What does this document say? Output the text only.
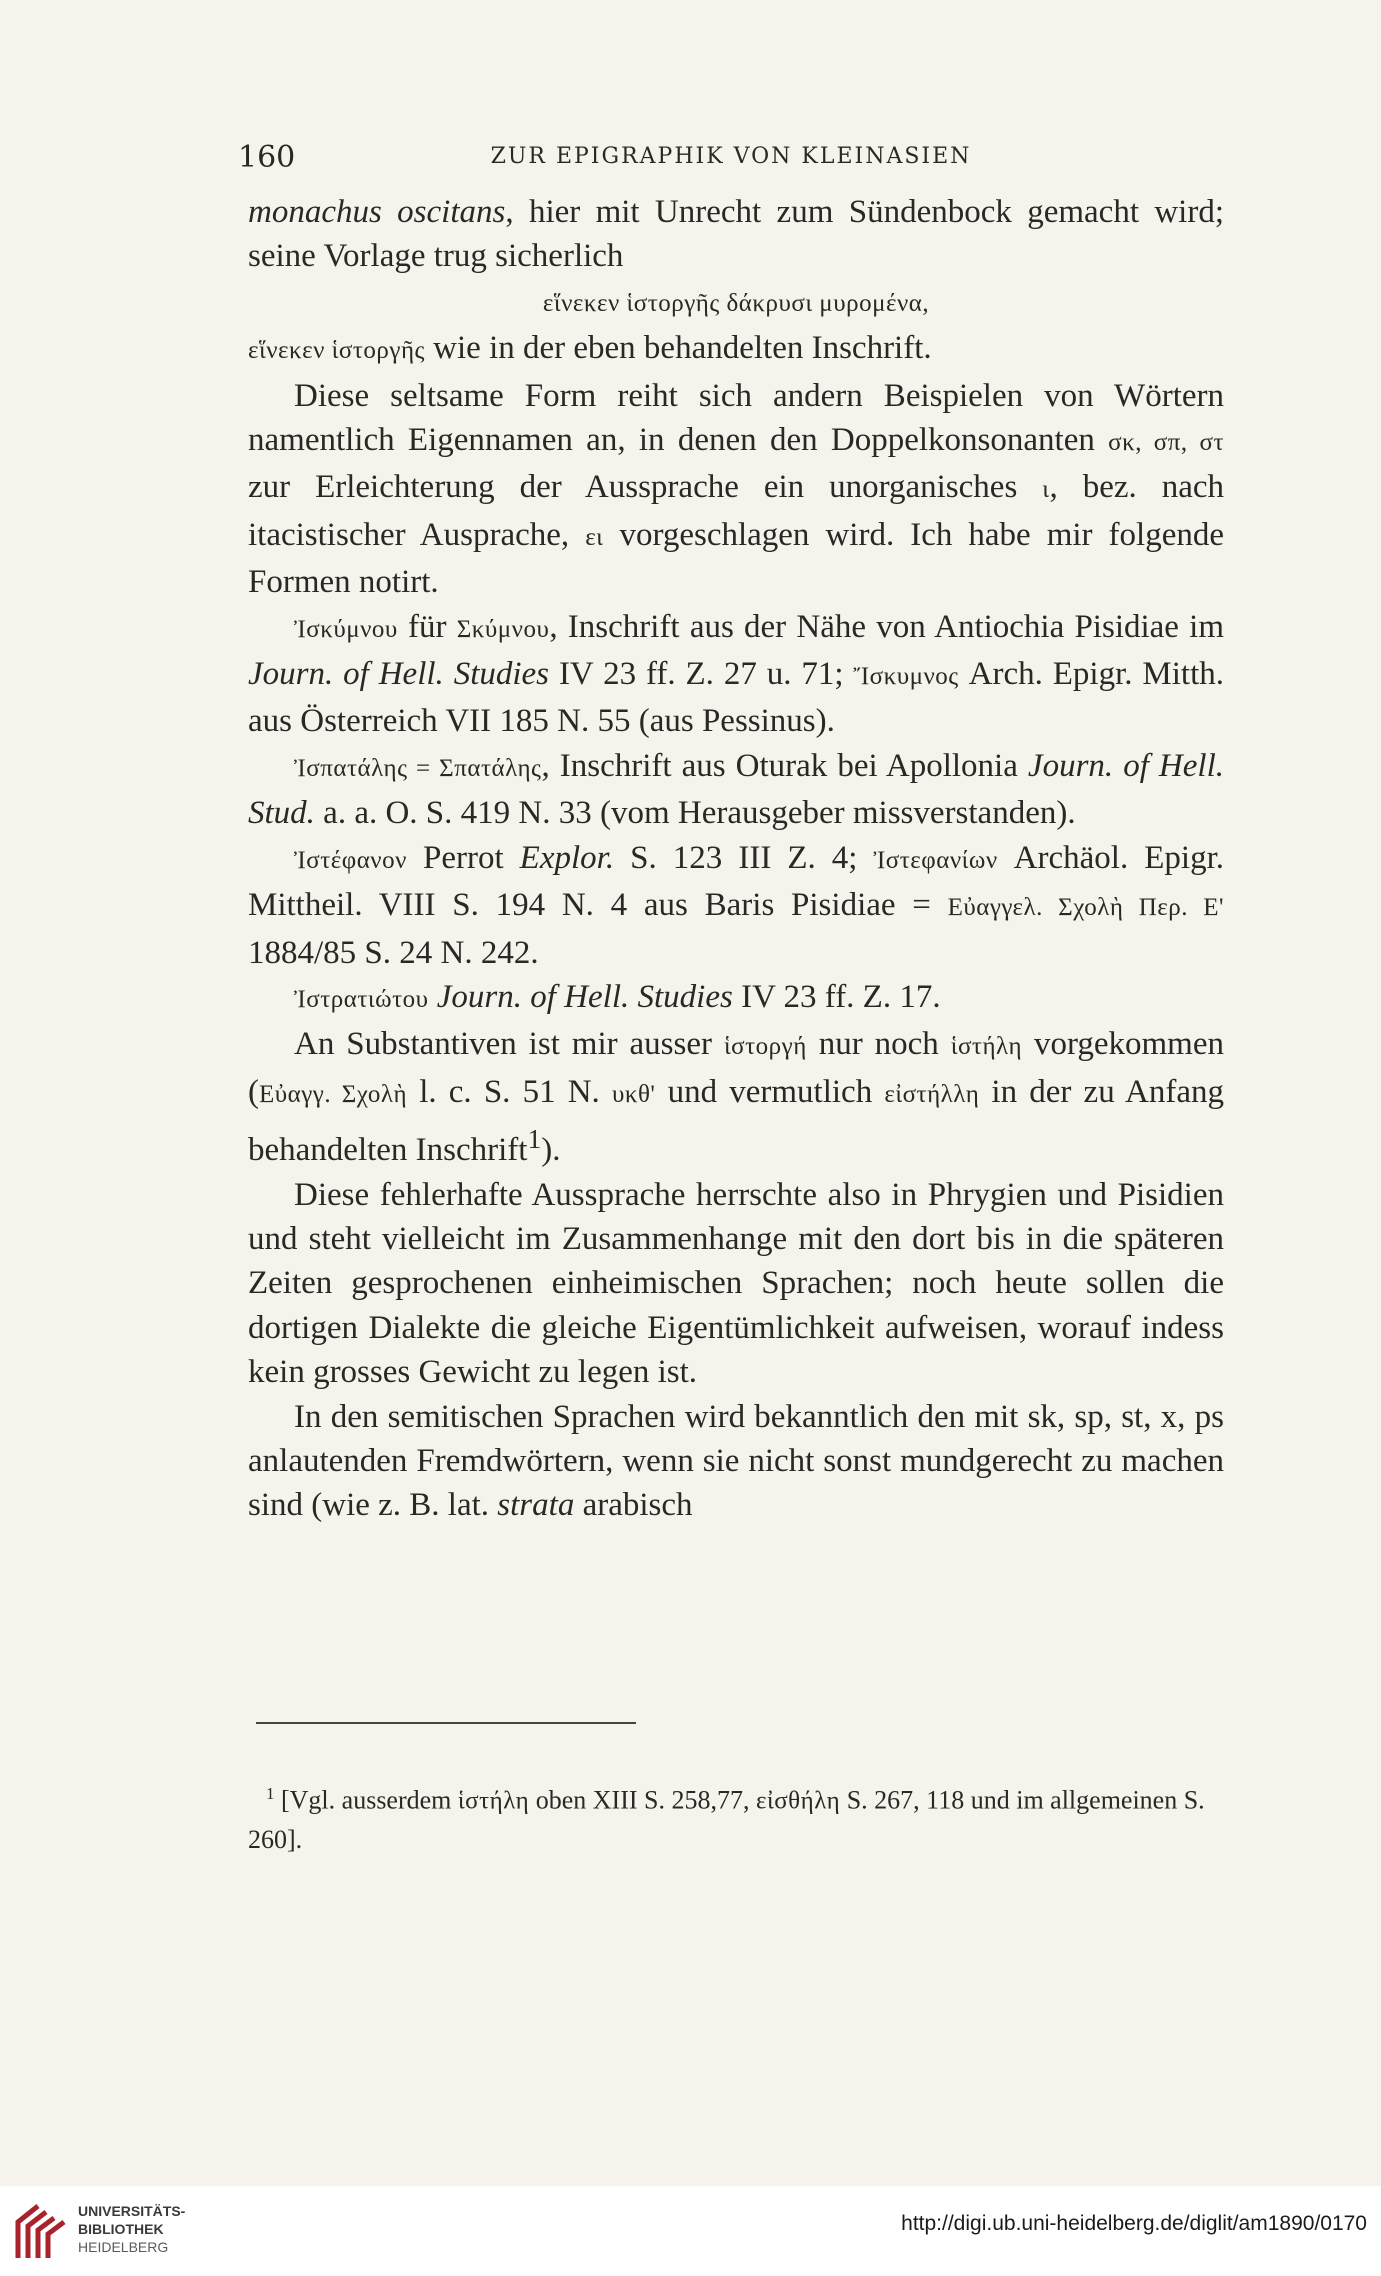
160	ZUR EPIGRAPHIK VON KLEINASIEN

monachus oscitans, hier mit Unrecht zum Sündenbock gemacht wird; seine Vorlage trug sicherlich

εἵνεκεν ἱστοργῆς δάκρυσι μυρομένα,

εἵνεκεν ἱστοργῆς wie in der eben behandelten Inschrift.

Diese seltsame Form reiht sich andern Beispielen von Wörtern namentlich Eigennamen an, in denen den Doppelkonsonanten σκ, σπ, στ zur Erleichterung der Aussprache ein unorganisches ι, bez. nach itacistischer Ausprache, ει vorgeschlagen wird. Ich habe mir folgende Formen notirt.

Ἰσκύμνου für Σκύμνου, Inschrift aus der Nähe von Antiochia Pisidiae im Journ. of Hell. Studies IV 23 ff. Z. 27 u. 71; Ἴσκυμνος Arch. Epigr. Mitth. aus Österreich VII 185 N. 55 (aus Pessinus).

Ἰσπατάλης = Σπατάλης, Inschrift aus Oturak bei Apollonia Journ. of Hell. Stud. a. a. O. S. 419 N. 33 (vom Herausgeber missverstanden).

Ἰστέφανον Perrot Explor. S. 123 III Z. 4; Ἰστεφανίων Archäol. Epigr. Mittheil. VIII S. 194 N. 4 aus Baris Pisidiae = Εὐαγγελ. Σχολὴ Περ. Ε' 1884/85 S. 24 N. 242.

Ἰστρατιώτου Journ. of Hell. Studies IV 23 ff. Z. 17.

An Substantiven ist mir ausser ἱστοργή nur noch ἱστήλη vorgekommen (Εὐαγγ. Σχολὴ l. c. S. 51 N. υκθ' und vermutlich εἰστήλλη in der zu Anfang behandelten Inschrift$^1$).

Diese fehlerhafte Aussprache herrschte also in Phrygien und Pisidien und steht vielleicht im Zusammenhange mit den dort bis in die späteren Zeiten gesprochenen einheimischen Sprachen; noch heute sollen die dortigen Dialekte die gleiche Eigentümlichkeit aufweisen, worauf indess kein grosses Gewicht zu legen ist.

In den semitischen Sprachen wird bekanntlich den mit sk, sp, st, x, ps anlautenden Fremdwörtern, wenn sie nicht sonst mundgerecht zu machen sind (wie z. B. lat. strata arabisch

$^1$ [Vgl. ausserdem ἱστήλη oben XIII S. 258,77, εἰσθήλη S. 267, 118 und im allgemeinen S. 260].
UNIVERSITÄTS-
BIBLIOTHEK
HEIDELBERG
http://digi.ub.uni-heidelberg.de/diglit/am1890/0170
